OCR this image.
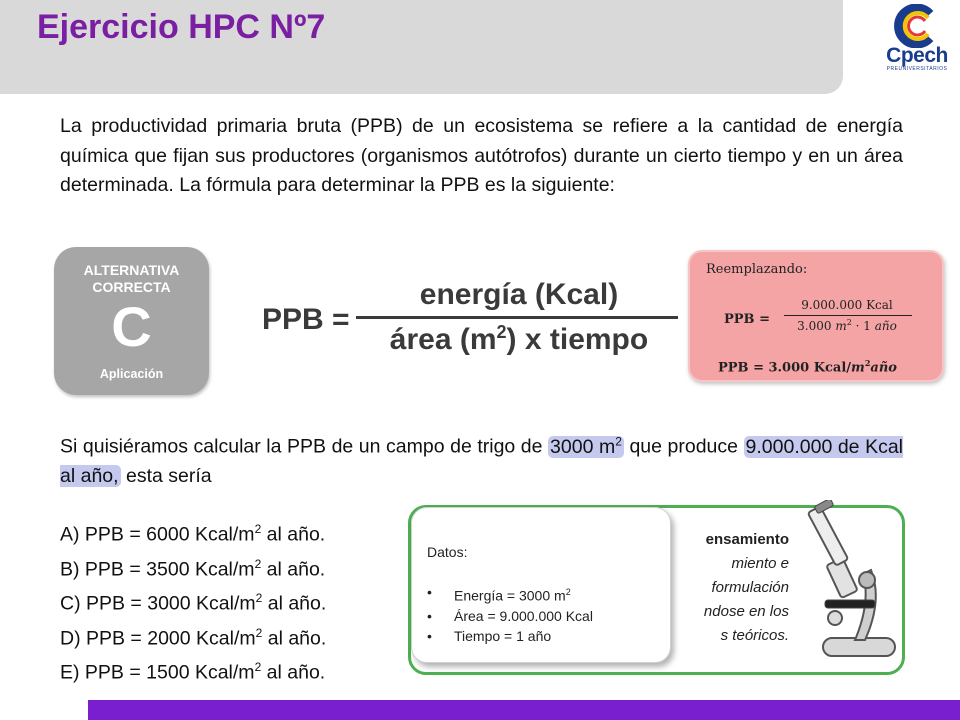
Ejercicio HPC Nº7
Cpech
PREUNIVERSITARIOS
La productividad primaria bruta (PPB) de un ecosistema se refiere a la cantidad de energía química que fijan sus productores (organismos autótrofos) durante un cierto tiempo y en un área determinada. La fórmula para determinar la PPB es la siguiente:
ALTERNATIVA
CORRECTA
C
Aplicación
PPB =
energía (Kcal)
área $(m^2)$ x tiempo
Reemplazando:
PPB =
9.000.000 Kcal
3.000 $m^2 \cdot 1$ año
PPB = 3.000 Kcal/$m^2año$
Si quisiéramos calcular la PPB de un campo de trigo de 3000 $m^2$ que produce 9.000.000 de Kcal al año, esta sería
A) PPB = 6000 Kcal/$m^2$ al año.
B) PPB = 3500 Kcal/$m^2$ al año.
C) PPB = 3000 Kcal/$m^2$ al año.
D) PPB = 2000 Kcal/$m^2$ al año.
E) PPB = 1500 Kcal/$m^2$ al año.
ensamiento
miento e
formulación
ndose en los
s teóricos.
Datos:
• Energía = 3000 $m^2$
• Área = 9.000.000 Kcal
• Tiempo = 1 año
